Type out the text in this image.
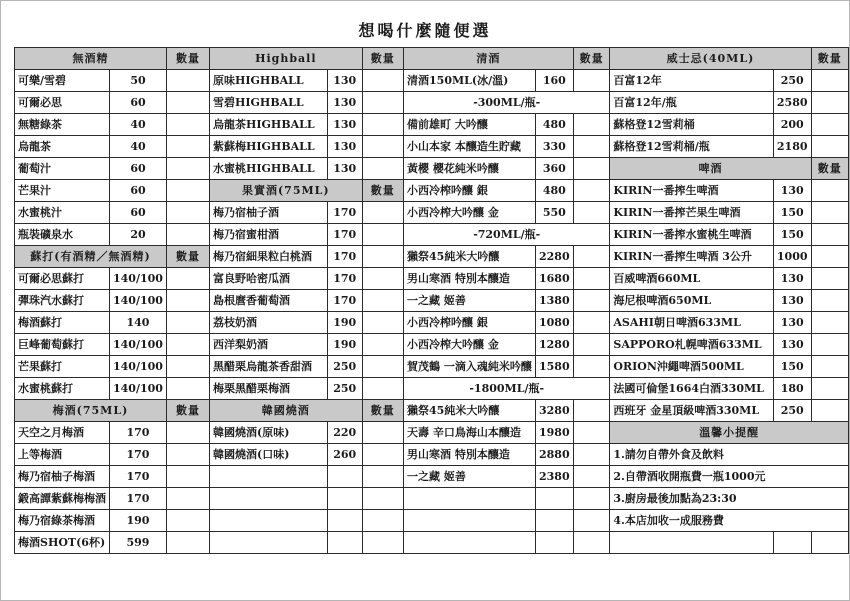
想喝什麼隨便選
無酒精		數量	Highball		數量	清酒		數量	威士忌(40ML)		數量
可樂/雪碧	50		原味HIGHBALL	130		清酒150ML(冰/溫)	160		百富12年	250	
可爾必思	60		雪碧HIGHBALL	130		-300ML/瓶-			百富12年/瓶	2580	
無糖綠茶	40		烏龍茶HIGHBALL	130		備前雄町 大吟釀	480		蘇格登12雪莉桶	200	
烏龍茶	40		紫蘇梅HIGHBALL	130		小山本家 本釀造生貯藏	330		蘇格登12雪莉桶/瓶	2180	
葡萄汁	60		水蜜桃HIGHBALL	130		黃櫻 櫻花純米吟釀	360		啤酒		數量
芒果汁	60		果實酒(75ML)		數量	小西冷榨吟釀 銀	480		KIRIN一番搾生啤酒	130	
水蜜桃汁	60		梅乃宿柚子酒	170		小西冷榨大吟釀 金	550		KIRIN一番搾芒果生啤酒	150	
瓶裝礦泉水	20		梅乃宿蜜柑酒	170		-720ML/瓶-			KIRIN一番搾水蜜桃生啤酒	150	
蘇打(有酒精／無酒精)		數量	梅乃宿細果粒白桃酒	170		獺祭45純米大吟釀	2280		KIRIN一番搾生啤酒 3公升	1000	
可爾必思蘇打	140/100		富良野哈密瓜酒	170		男山寒酒 特別本釀造	1680		百威啤酒660ML	130	
彈珠汽水蘇打	140/100		島根麿香葡萄酒	170		一之藏 姬善	1380		海尼根啤酒650ML	130	
梅酒蘇打	140		荔枝奶酒	190		小西冷榨吟釀 銀	1080		ASAHI朝日啤酒633ML	130	
巨峰葡萄蘇打	140/100		西洋梨奶酒	190		小西冷榨大吟釀 金	1280		SAPPORO札幌啤酒633ML	130	
芒果蘇打	140/100		黑醋栗烏龍茶香甜酒	250		賀茂鶴 一滴入魂純米吟釀	1580		ORION沖繩啤酒500ML	150	
水蜜桃蘇打	140/100		梅栗黑醋栗梅酒	250		-1800ML/瓶-			法國可倫堡1664白酒330ML	180	
梅酒(75ML)		數量	韓國燒酒		數量	獺祭45純米大吟釀	3280		西班牙 金星頂級啤酒330ML	250	
天空之月梅酒	170		韓國燒酒(原味)	220		天壽 辛口鳥海山本釀造	1980		溫馨小提醒		
上等梅酒	170		韓國燒酒(口味)	260		男山寒酒 特別本釀造	2880		1.請勿自帶外食及飲料		
梅乃宿柚子梅酒	170					一之藏 姬善	2380		2.自帶酒收開瓶費一瓶1000元		
鍛高譚紫蘇梅梅酒	170								3.廚房最後加點為23:30		
梅乃宿綠茶梅酒	190								4.本店加收一成服務費		
梅酒SHOT(6杯)	599										
